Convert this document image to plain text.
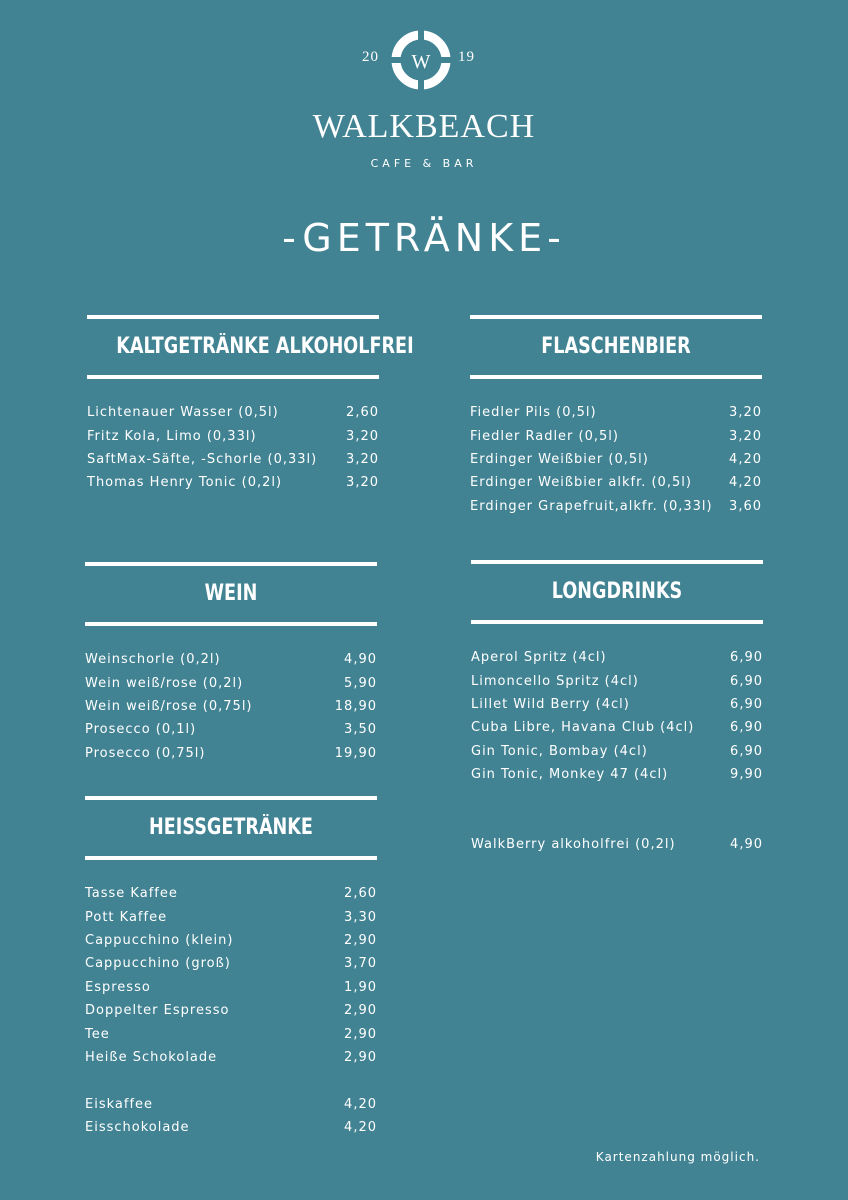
20 W 19
WALKBEACH
CAFE & BAR
-GETRÄNKE-
KALTGETRÄNKE ALKOHOLFREI
Lichtenauer Wasser (0,5l)	2,60
Fritz Kola, Limo (0,33l)	3,20
SaftMax-Säfte, -Schorle (0,33l) 3,20
Thomas Henry Tonic (0,2l)	3,20
FLASCHENBIER
Fiedler Pils (0,5l)	3,20
Fiedler Radler (0,5l)	3,20
Erdinger Weißbier (0,5l)	4,20
Erdinger Weißbier alkfr. (0,5l)	4,20
Erdinger Grapefruit,alkfr. (0,33l) 3,60
WEIN
Weinschorle (0,2l)	4,90
Wein weiß/rose (0,2l)	5,90
Wein weiß/rose (0,75l)	18,90
Prosecco (0,1l)	3,50
Prosecco (0,75l)	19,90
LONGDRINKS
Aperol Spritz (4cl)	6,90
Limoncello Spritz (4cl)	6,90
Lillet Wild Berry (4cl)	6,90
Cuba Libre, Havana Club (4cl)	6,90
Gin Tonic, Bombay (4cl)	6,90
Gin Tonic, Monkey 47 (4cl)	9,90
WalkBerry alkoholfrei (0,2l)	4,90
HEISSGETRÄNKE
Tasse Kaffee	2,60
Pott Kaffee	3,30
Cappucchino (klein)	2,90
Cappucchino (groß)	3,70
Espresso	1,90
Doppelter Espresso	2,90
Tee	2,90
Heiße Schokolade	2,90
Eiskaffee	4,20
Eisschokolade	4,20
Kartenzahlung möglich.
